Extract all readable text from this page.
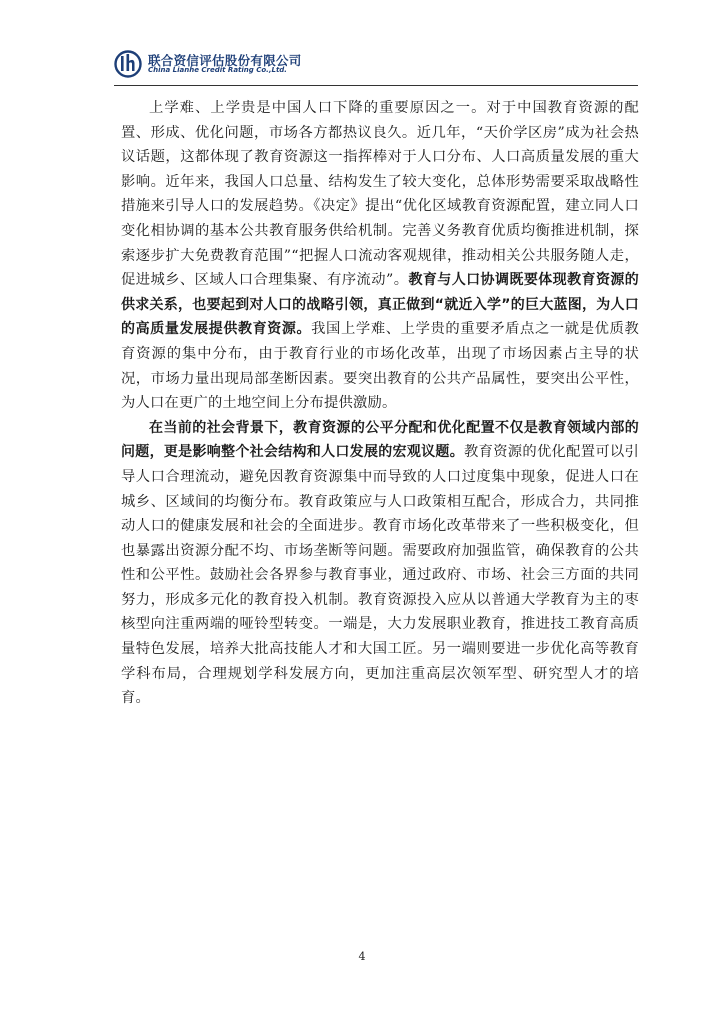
联合资信评估股份有限公司
China Lianhe Credit Rating Co.,Ltd.

上学难、上学贵是中国人口下降的重要原因之一。对于中国教育资源的配置、形成、优化问题，市场各方都热议良久。近几年，“天价学区房”成为社会热议话题，这都体现了教育资源这一指挥棒对于人口分布、人口高质量发展的重大影响。近年来，我国人口总量、结构发生了较大变化，总体形势需要采取战略性措施来引导人口的发展趋势。《决定》提出“优化区域教育资源配置，建立同人口变化相协调的基本公共教育服务供给机制。完善义务教育优质均衡推进机制，探索逐步扩大免费教育范围”“把握人口流动客观规律，推动相关公共服务随人走，促进城乡、区域人口合理集聚、有序流动”。教育与人口协调既要体现教育资源的供求关系，也要起到对人口的战略引领，真正做到“就近入学”的巨大蓝图，为人口的高质量发展提供教育资源。我国上学难、上学贵的重要矛盾点之一就是优质教育资源的集中分布，由于教育行业的市场化改革，出现了市场因素占主导的状况，市场力量出现局部垄断因素。要突出教育的公共产品属性，要突出公平性，为人口在更广的土地空间上分布提供激励。

在当前的社会背景下，教育资源的公平分配和优化配置不仅是教育领域内部的问题，更是影响整个社会结构和人口发展的宏观议题。教育资源的优化配置可以引导人口合理流动，避免因教育资源集中而导致的人口过度集中现象，促进人口在城乡、区域间的均衡分布。教育政策应与人口政策相互配合，形成合力，共同推动人口的健康发展和社会的全面进步。教育市场化改革带来了一些积极变化，但也暴露出资源分配不均、市场垄断等问题。需要政府加强监管，确保教育的公共性和公平性。鼓励社会各界参与教育事业，通过政府、市场、社会三方面的共同努力，形成多元化的教育投入机制。教育资源投入应从以普通大学教育为主的枣核型向注重两端的哑铃型转变。一端是，大力发展职业教育，推进技工教育高质量特色发展，培养大批高技能人才和大国工匠。另一端则要进一步优化高等教育学科布局，合理规划学科发展方向，更加注重高层次领军型、研究型人才的培育。

4
